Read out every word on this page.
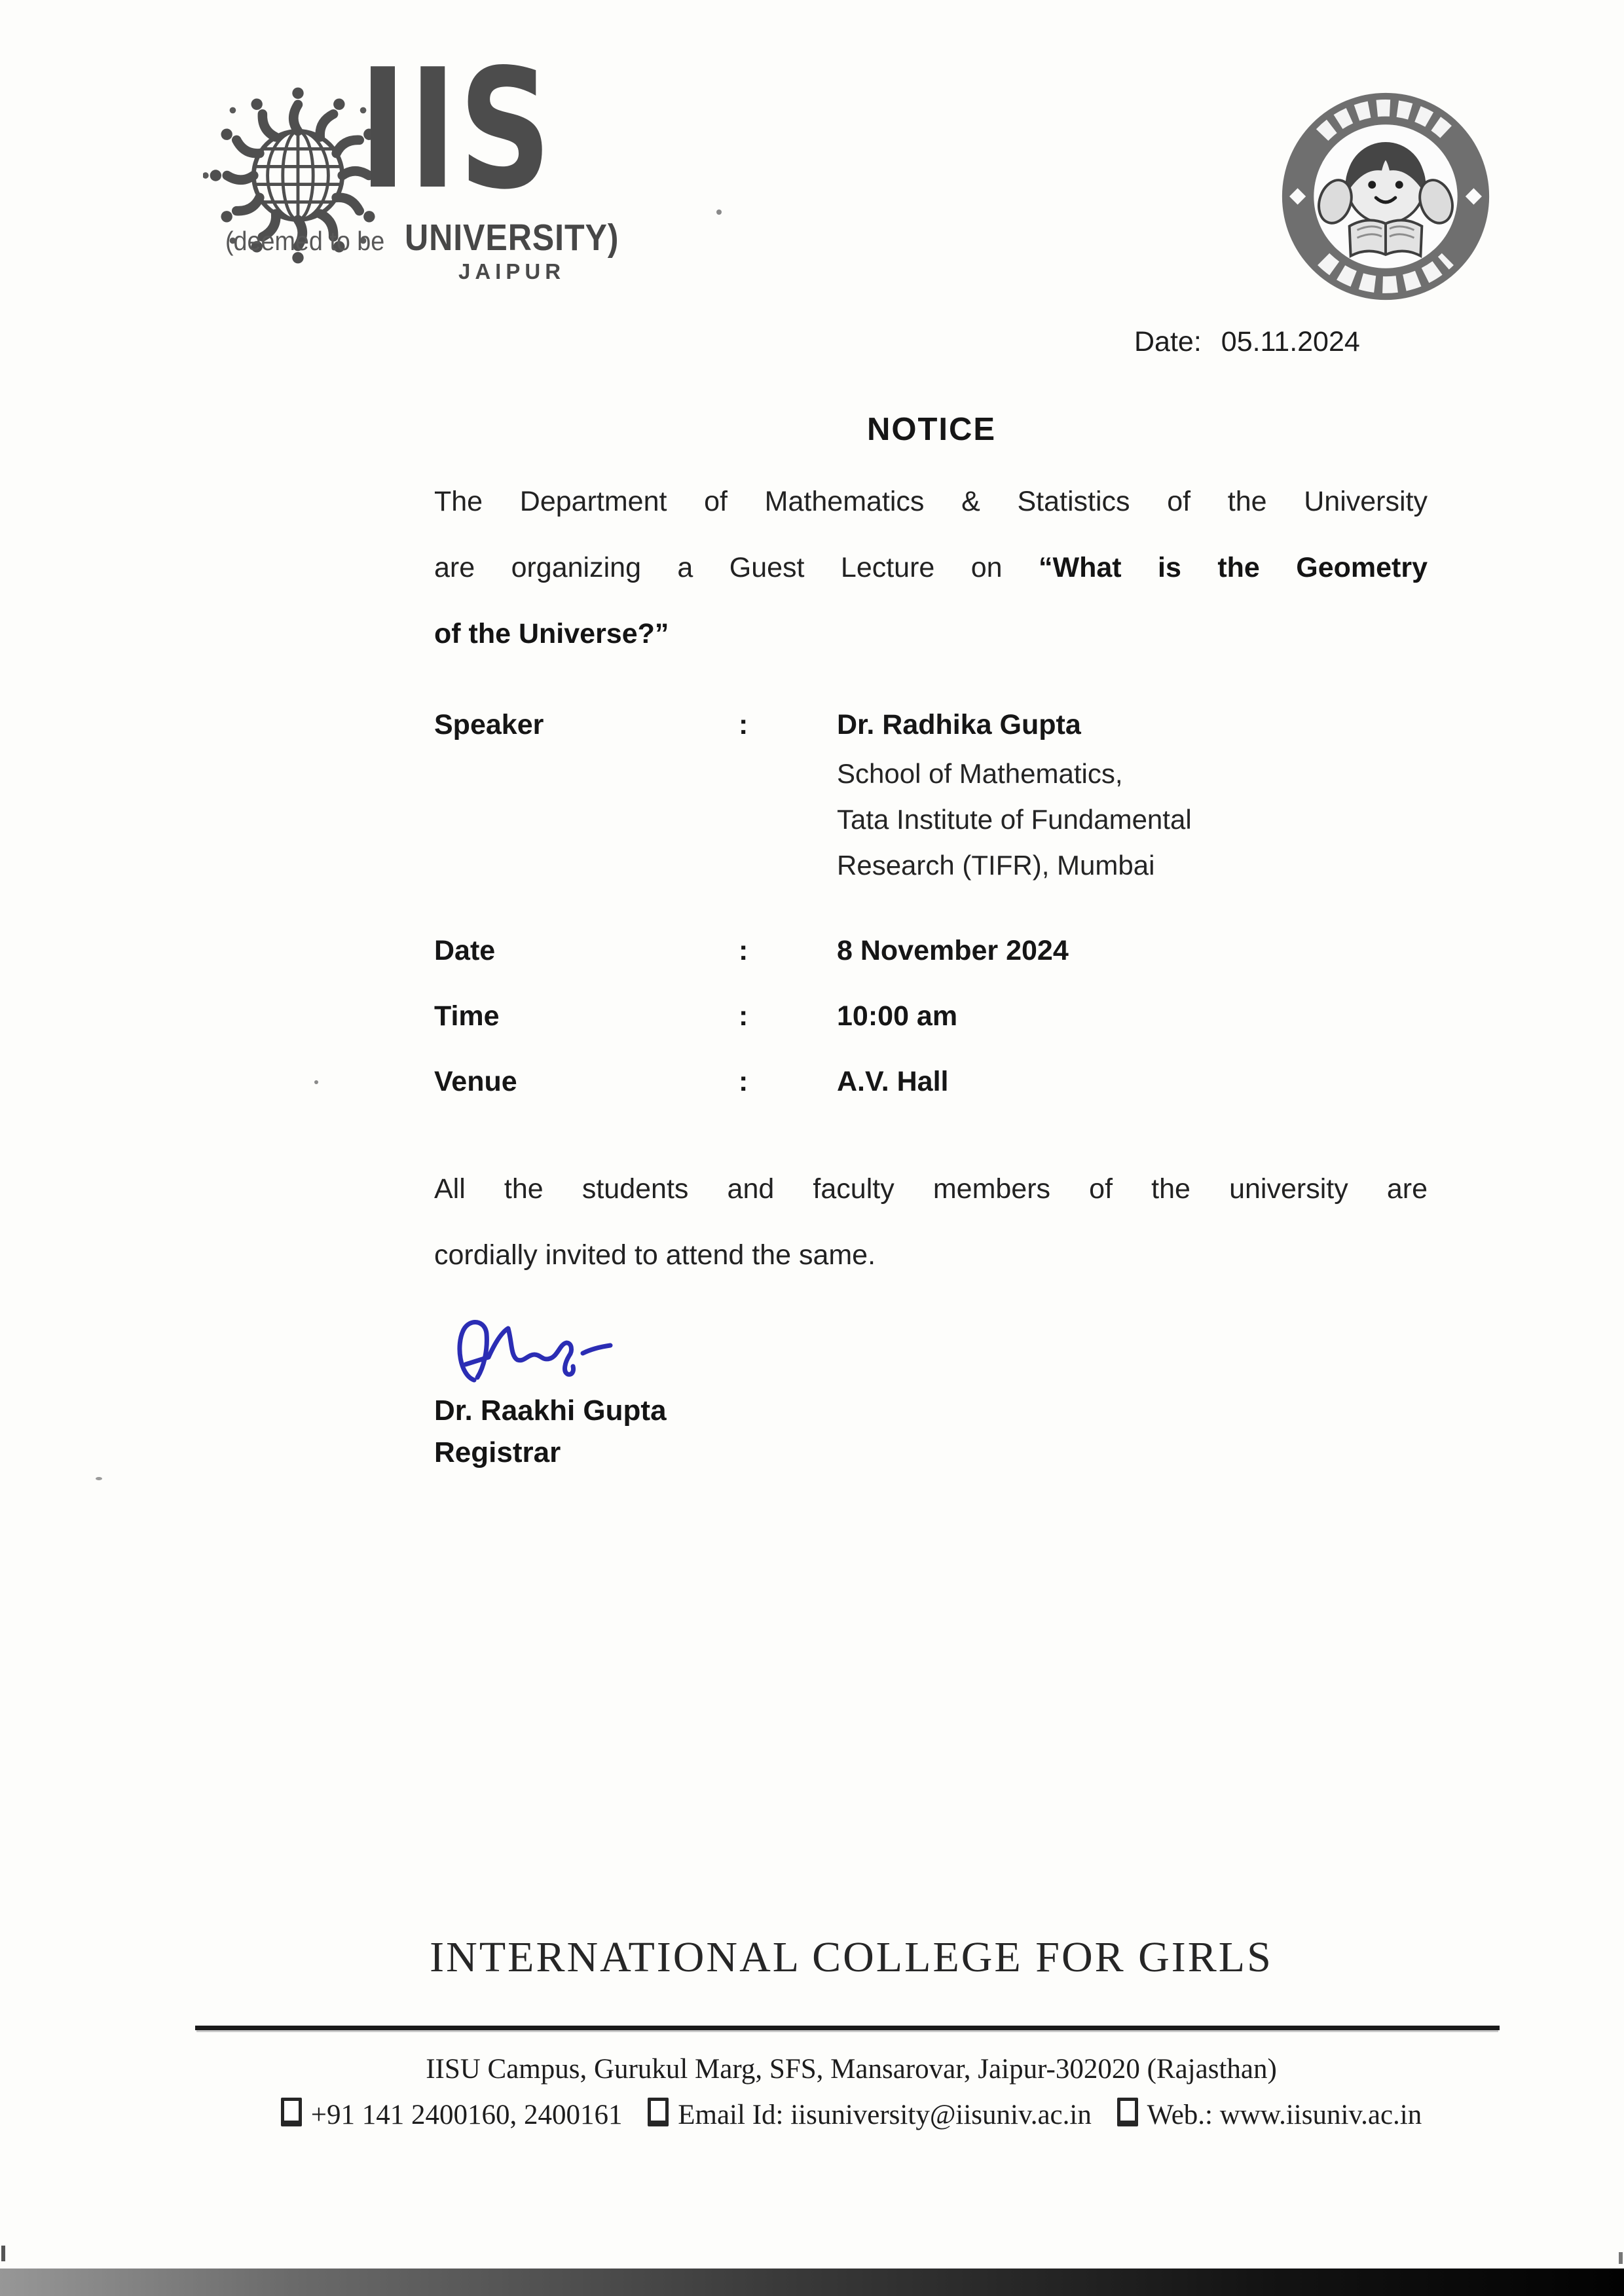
IIS
(deemed to be UNIVERSITY)
JAIPUR
Date: 05.11.2024
NOTICE
The Department of Mathematics & Statistics of the University
are organizing a Guest Lecture on “What is the Geometry
of the Universe?”
Speaker	:	Dr. Radhika Gupta
School of Mathematics,
Tata Institute of Fundamental
Research (TIFR), Mumbai
Date	:	8 November 2024
Time	:	10:00 am
Venue	:	A.V. Hall
All the students and faculty members of the university are
cordially invited to attend the same.
Dr. Raakhi Gupta
Registrar
INTERNATIONAL COLLEGE FOR GIRLS
IISU Campus, Gurukul Marg, SFS, Mansarovar, Jaipur-302020 (Rajasthan)
+91 141 2400160, 2400161 Email Id: iisuniversity@iisuniv.ac.in Web.: www.iisuniv.ac.in
